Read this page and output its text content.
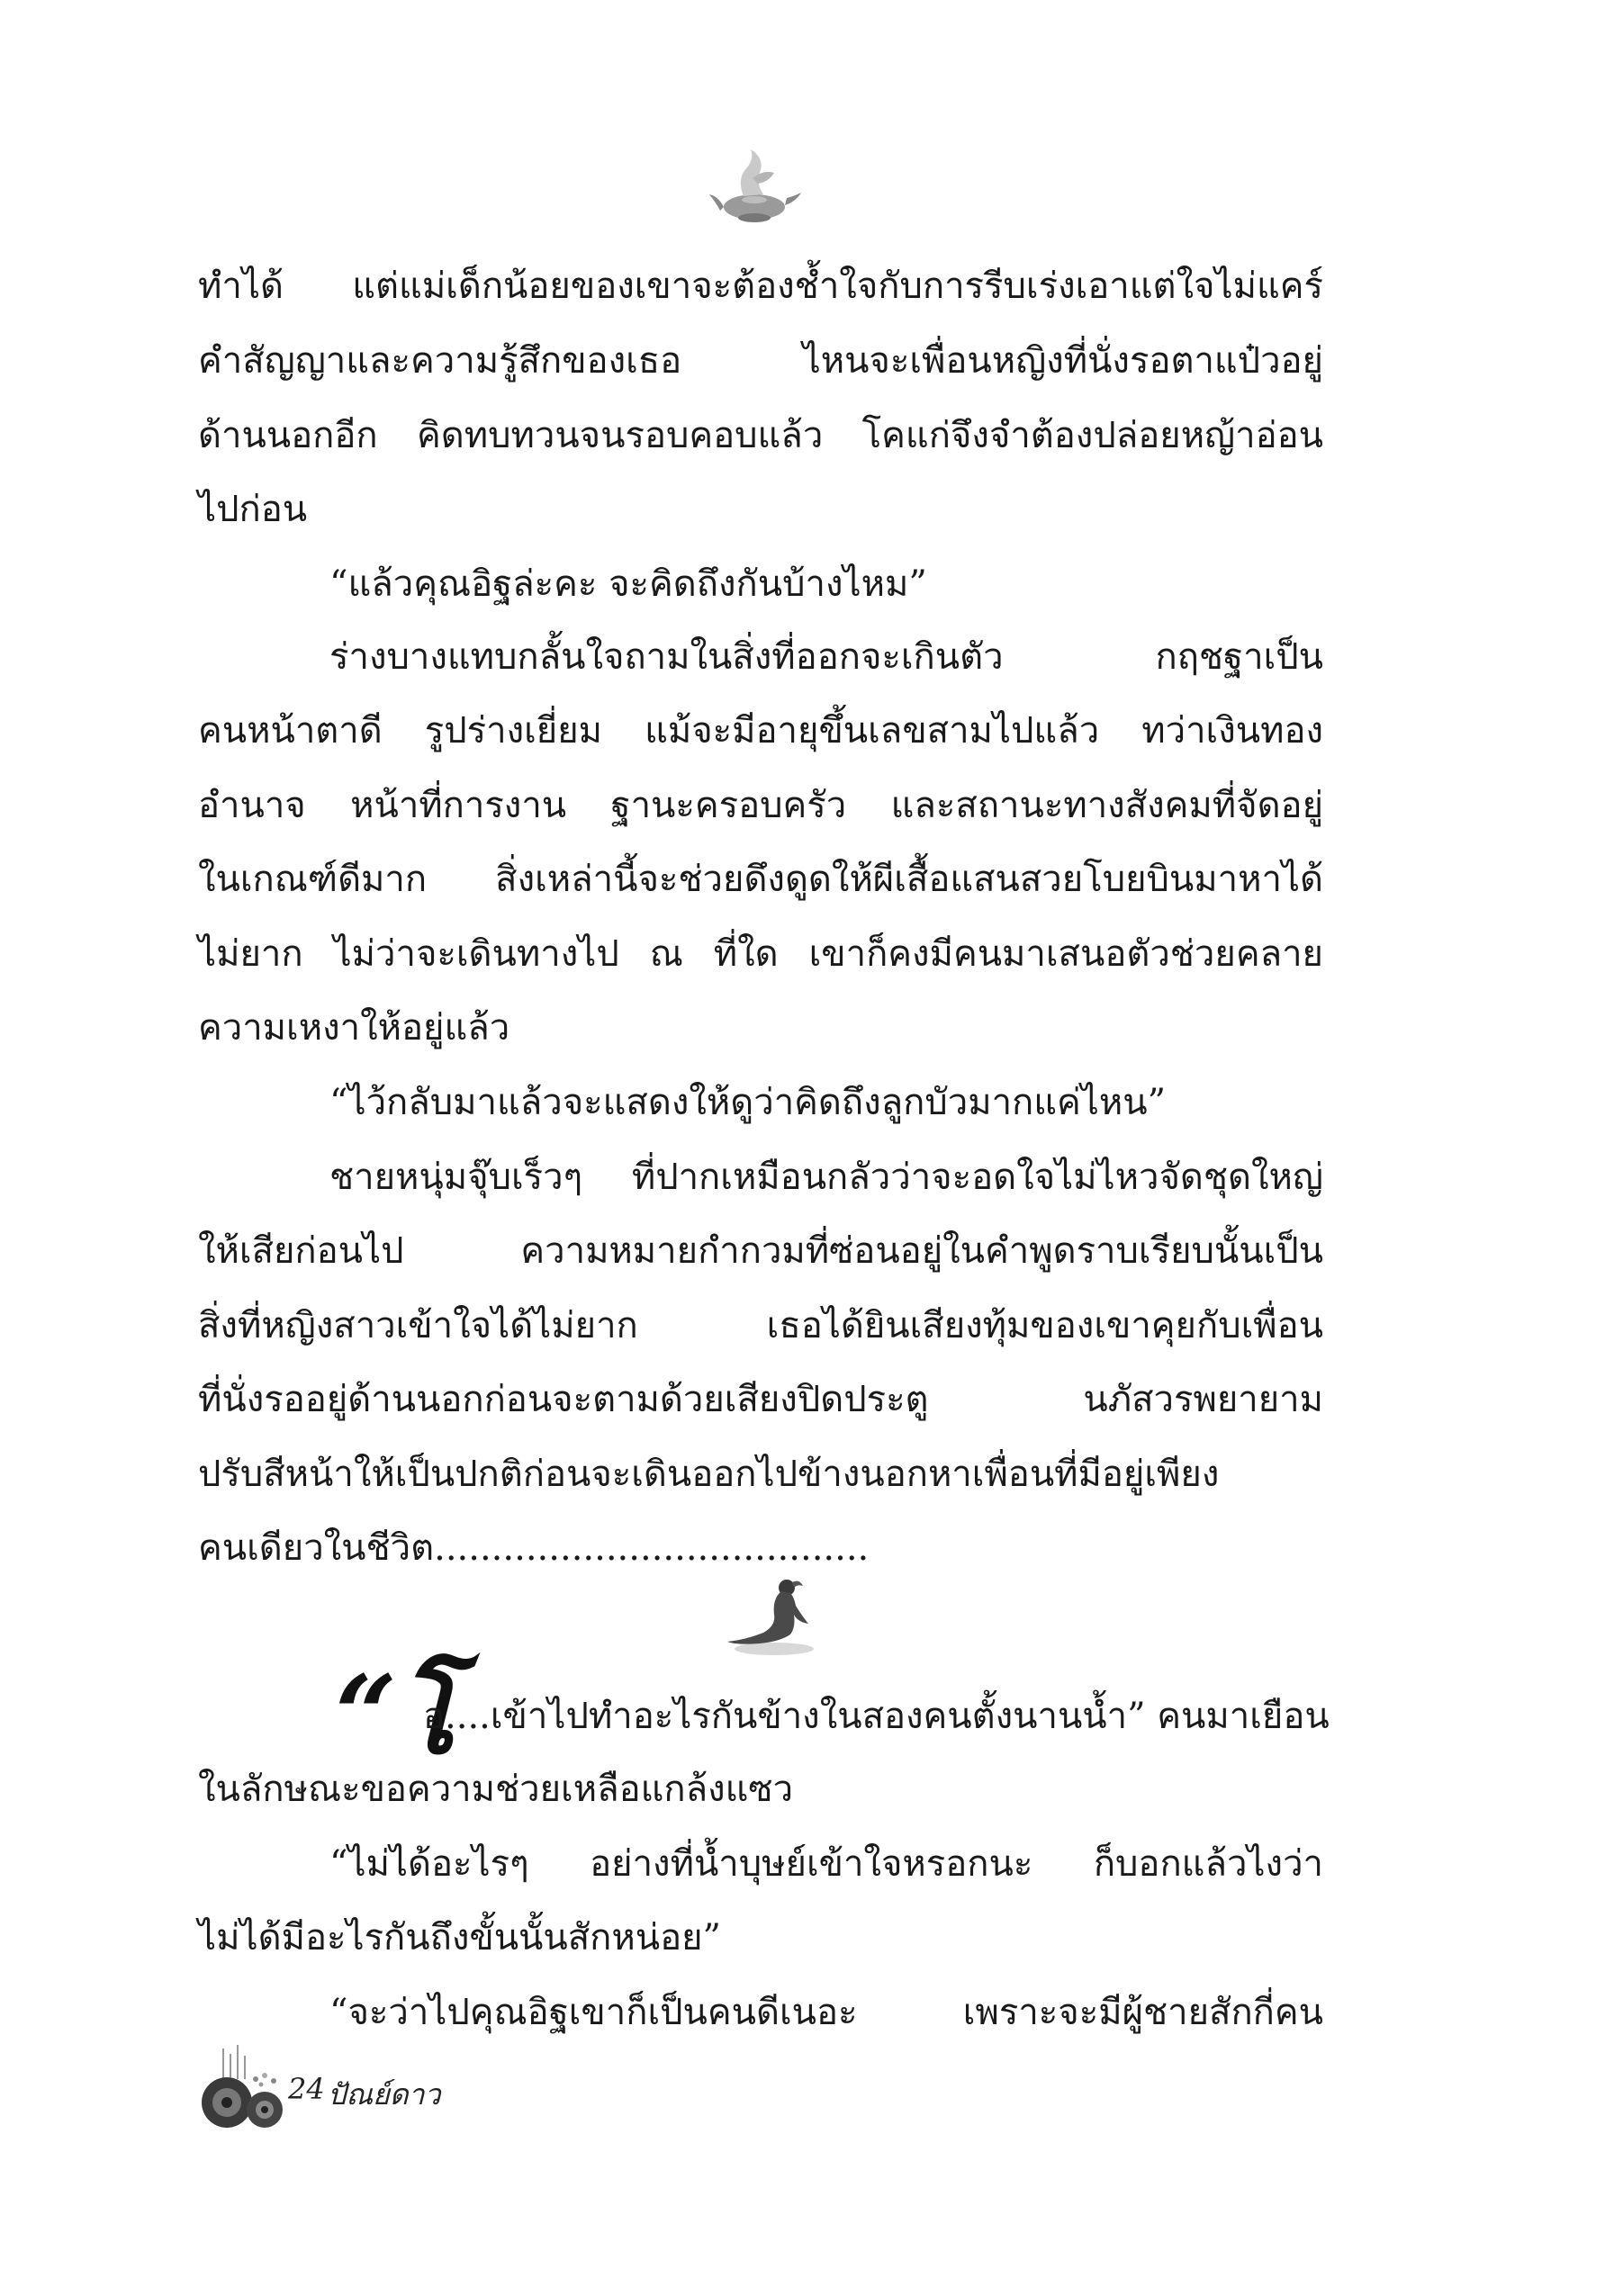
ทำได้ แต่แม่เด็กน้อยของเขาจะต้องช้ำใจกับการรีบเร่งเอาแต่ใจไม่แคร์
คำสัญญาและความรู้สึกของเธอ ไหนจะเพื่อนหญิงที่นั่งรอตาแป๋วอยู่
ด้านนอกอีก คิดทบทวนจนรอบคอบแล้ว โคแก่จึงจำต้องปล่อยหญ้าอ่อน
ไปก่อน
“แล้วคุณอิฐล่ะคะ จะคิดถึงกันบ้างไหม”
ร่างบางแทบกลั้นใจถามในสิ่งที่ออกจะเกินตัว กฤชฐาเป็น
คนหน้าตาดี รูปร่างเยี่ยม แม้จะมีอายุขึ้นเลขสามไปแล้ว ทว่าเงินทอง
อำนาจ หน้าที่การงาน ฐานะครอบครัว และสถานะทางสังคมที่จัดอยู่
ในเกณฑ์ดีมาก สิ่งเหล่านี้จะช่วยดึงดูดให้ผีเสื้อแสนสวยโบยบินมาหาได้
ไม่ยาก ไม่ว่าจะเดินทางไป ณ ที่ใด เขาก็คงมีคนมาเสนอตัวช่วยคลาย
ความเหงาให้อยู่แล้ว
“ไว้กลับมาแล้วจะแสดงให้ดูว่าคิดถึงลูกบัวมากแค่ไหน”
ชายหนุ่มจุ๊บเร็วๆ ที่ปากเหมือนกลัวว่าจะอดใจไม่ไหวจัดชุดใหญ่
ให้เสียก่อนไป ความหมายกำกวมที่ซ่อนอยู่ในคำพูดราบเรียบนั้นเป็น
สิ่งที่หญิงสาวเข้าใจได้ไม่ยาก เธอได้ยินเสียงทุ้มของเขาคุยกับเพื่อน
ที่นั่งรออยู่ด้านนอกก่อนจะตามด้วยเสียงปิดประตู นภัสวรพยายาม
ปรับสีหน้าให้เป็นปกติก่อนจะเดินออกไปข้างนอกหาเพื่อนที่มีอยู่เพียง
คนเดียวในชีวิต......................................
“โ
อ....เข้าไปทำอะไรกันข้างในสองคนตั้งนานน้ำ” คนมาเยือน
ในลักษณะขอความช่วยเหลือแกล้งแซว
“ไม่ได้อะไรๆ อย่างที่น้ำบุษย์เข้าใจหรอกนะ ก็บอกแล้วไงว่า
ไม่ได้มีอะไรกันถึงขั้นนั้นสักหน่อย”
“จะว่าไปคุณอิฐเขาก็เป็นคนดีเนอะ เพราะจะมีผู้ชายสักกี่คน
24 ปัณย์ดาว
